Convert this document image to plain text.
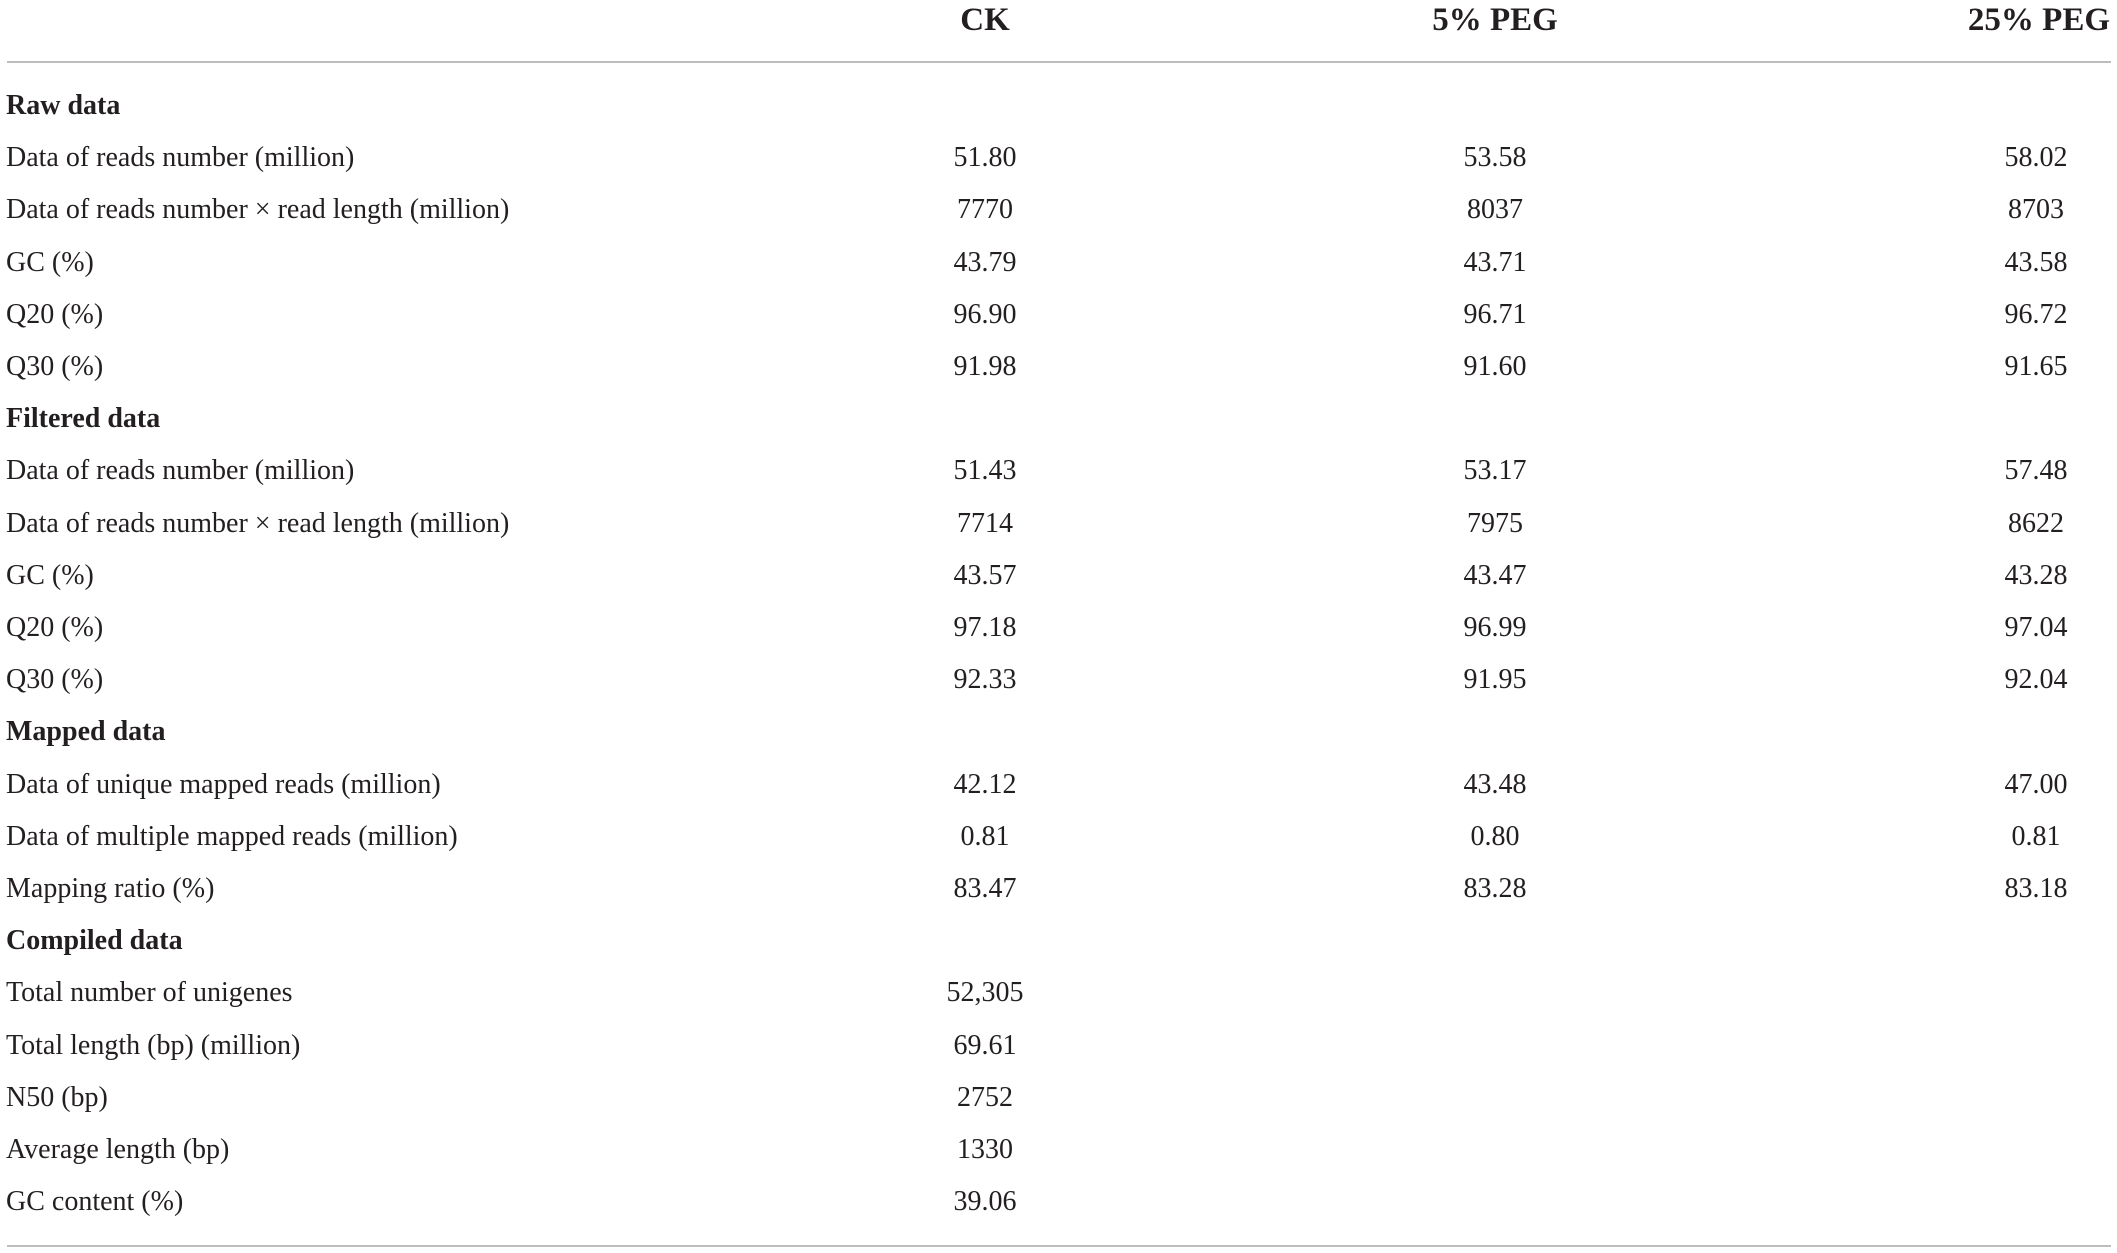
CK	5% PEG	25% PEG
Raw data
Data of reads number (million)	51.80	53.58	58.02
Data of reads number × read length (million)	7770	8037	8703
GC (%)	43.79	43.71	43.58
Q20 (%)	96.90	96.71	96.72
Q30 (%)	91.98	91.60	91.65
Filtered data
Data of reads number (million)	51.43	53.17	57.48
Data of reads number × read length (million)	7714	7975	8622
GC (%)	43.57	43.47	43.28
Q20 (%)	97.18	96.99	97.04
Q30 (%)	92.33	91.95	92.04
Mapped data
Data of unique mapped reads (million)	42.12	43.48	47.00
Data of multiple mapped reads (million)	0.81	0.80	0.81
Mapping ratio (%)	83.47	83.28	83.18
Compiled data
Total number of unigenes	52,305
Total length (bp) (million)	69.61
N50 (bp)	2752
Average length (bp)	1330
GC content (%)	39.06
